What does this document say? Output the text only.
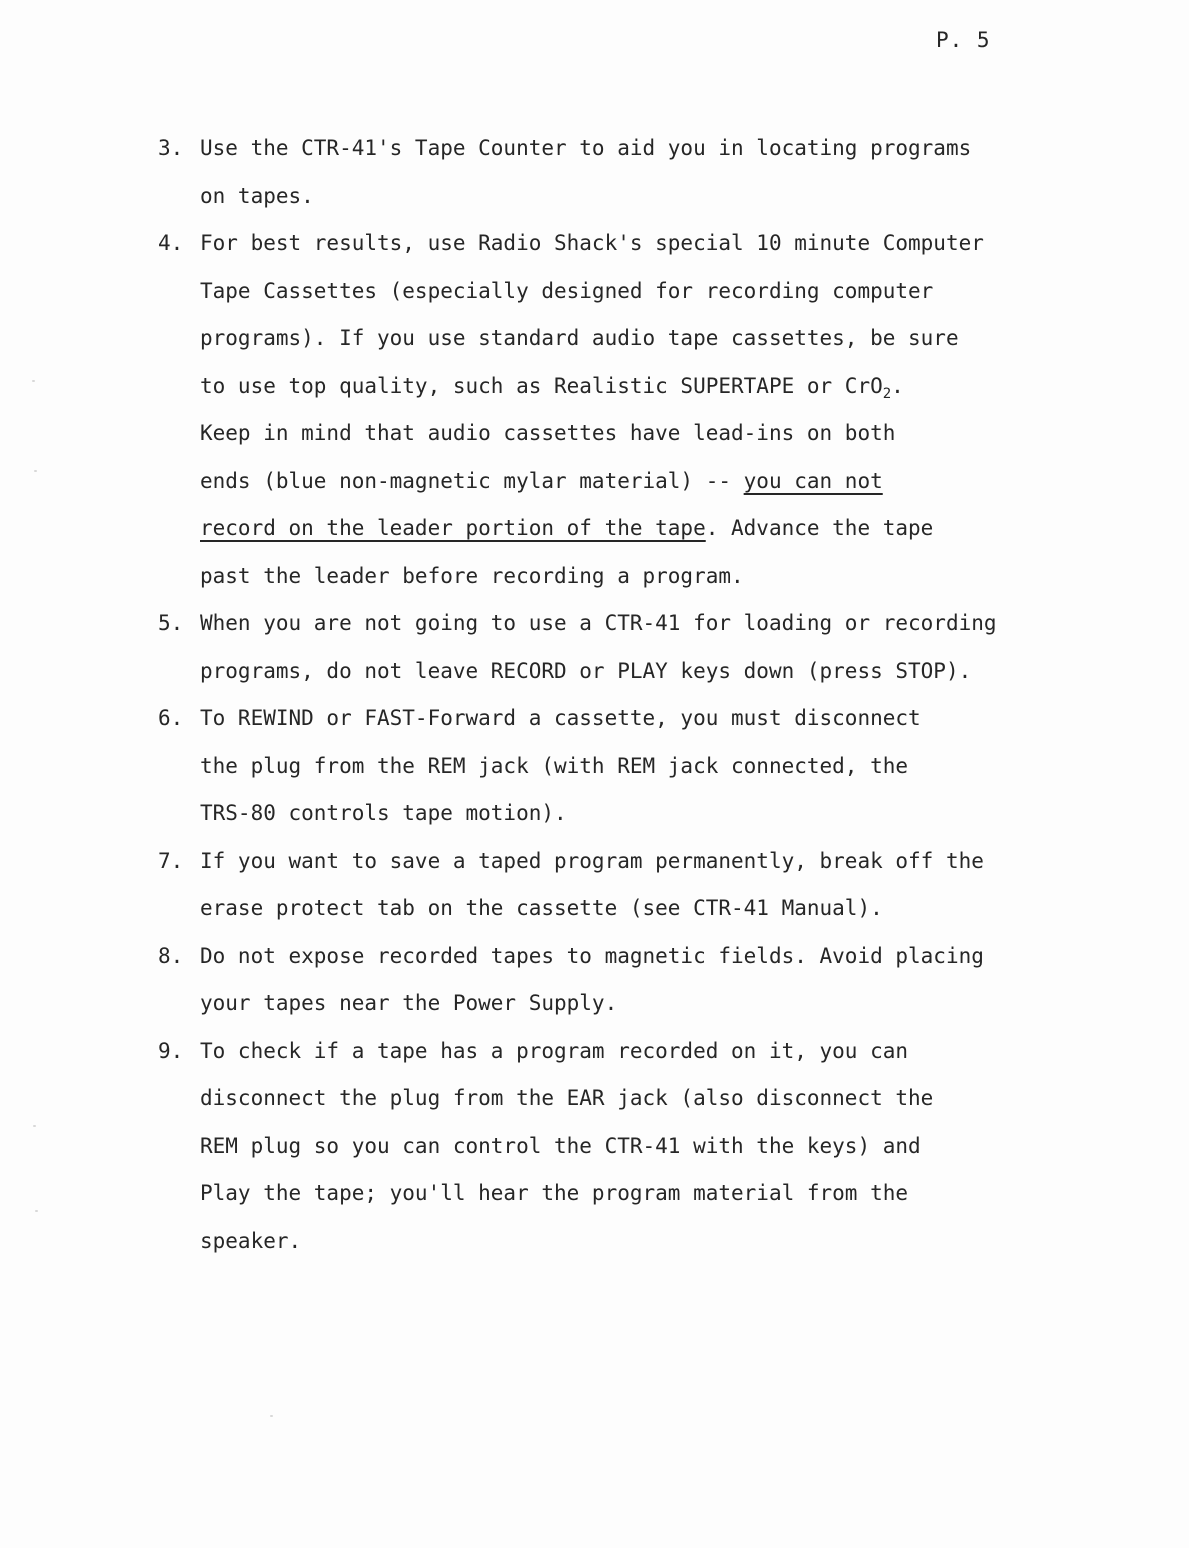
P. 5
3. Use the CTR-41's Tape Counter to aid you in locating programs
on tapes.
4. For best results, use Radio Shack's special 10 minute Computer
Tape Cassettes (especially designed for recording computer
programs). If you use standard audio tape cassettes, be sure
to use top quality, such as Realistic SUPERTAPE or CrO$_2$.
Keep in mind that audio cassettes have lead-ins on both
ends (blue non-magnetic mylar material) -- you can not
record on the leader portion of the tape. Advance the tape
past the leader before recording a program.
5. When you are not going to use a CTR-41 for loading or recording
programs, do not leave RECORD or PLAY keys down (press STOP).
6. To REWIND or FAST-Forward a cassette, you must disconnect
the plug from the REM jack (with REM jack connected, the
TRS-80 controls tape motion).
7. If you want to save a taped program permanently, break off the
erase protect tab on the cassette (see CTR-41 Manual).
8. Do not expose recorded tapes to magnetic fields. Avoid placing
your tapes near the Power Supply.
9. To check if a tape has a program recorded on it, you can
disconnect the plug from the EAR jack (also disconnect the
REM plug so you can control the CTR-41 with the keys) and
Play the tape; you'll hear the program material from the
speaker.
